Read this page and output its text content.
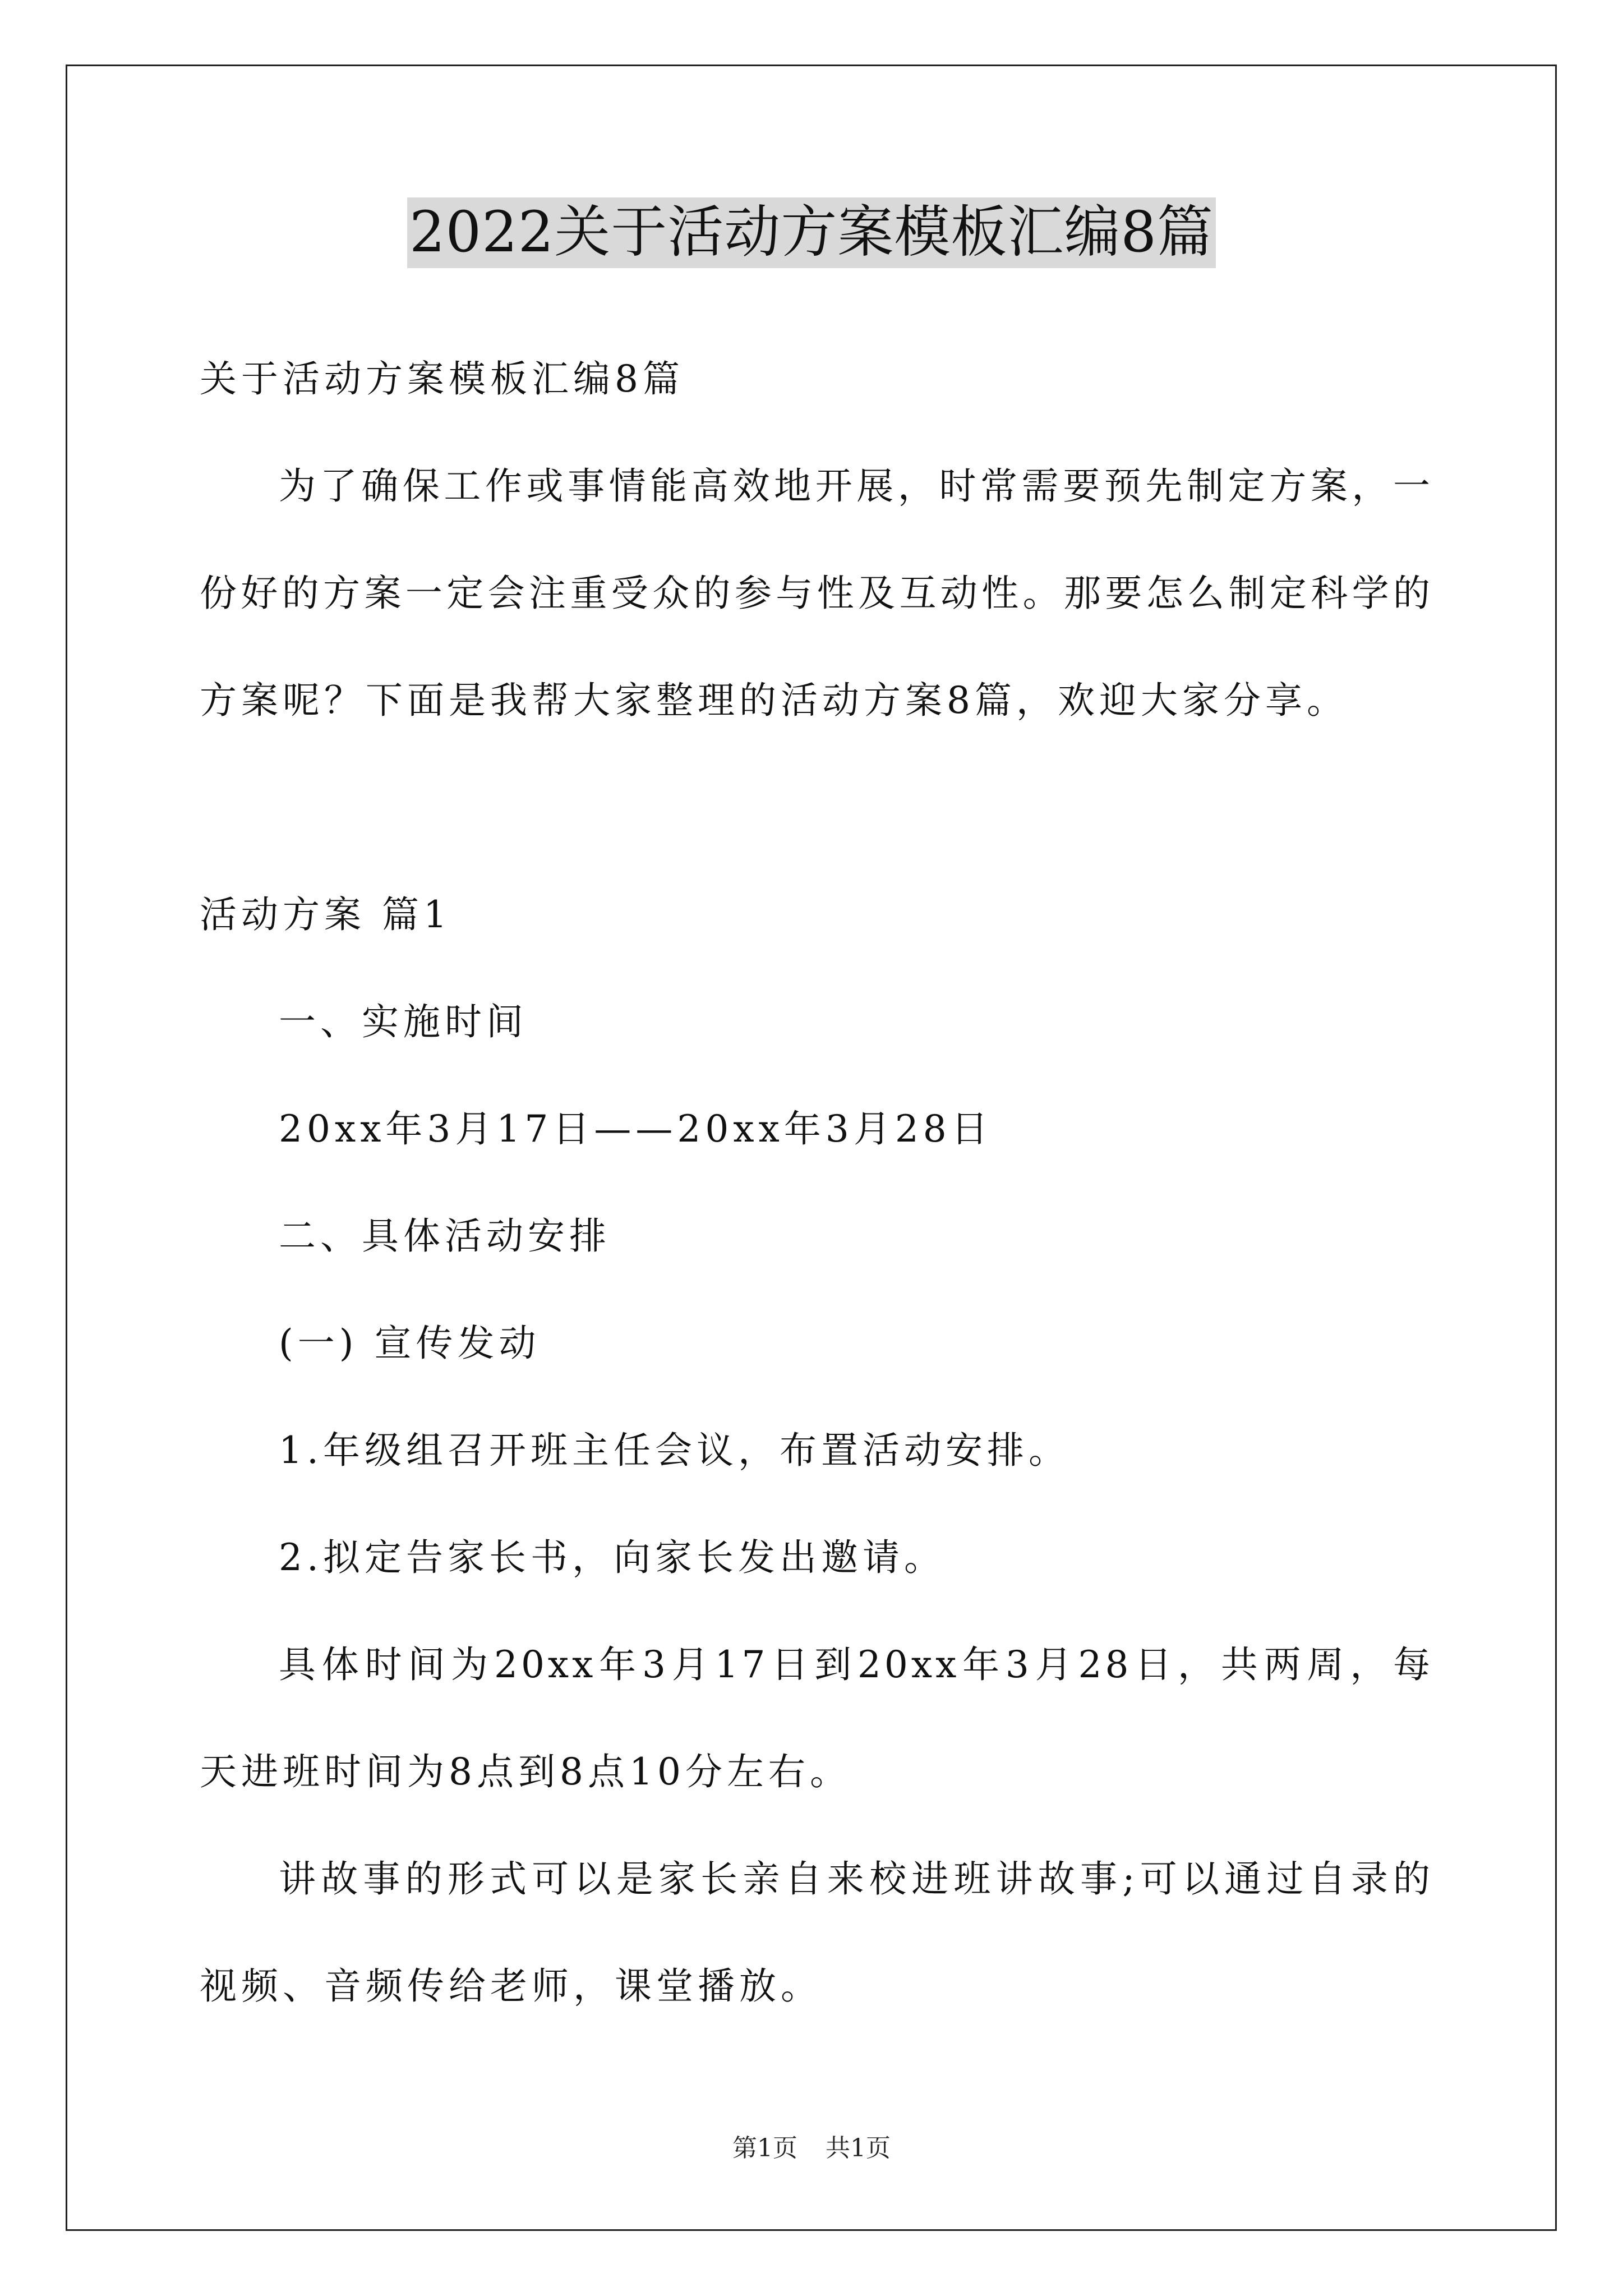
2022关于活动方案模板汇编8篇
关于活动方案模板汇编8篇
为了确保工作或事情能高效地开展，时常需要预先制定方案，一
份好的方案一定会注重受众的参与性及互动性。那要怎么制定科学的
方案呢？下面是我帮大家整理的活动方案8篇，欢迎大家分享。
活动方案 篇1
一、实施时间
20xx年3月17日——20xx年3月28日
二、具体活动安排
(一) 宣传发动
1.年级组召开班主任会议，布置活动安排。
2.拟定告家长书，向家长发出邀请。
具体时间为20xx年3月17日到20xx年3月28日，共两周，每
天进班时间为8点到8点10分左右。
讲故事的形式可以是家长亲自来校进班讲故事;可以通过自录的
视频、音频传给老师，课堂播放。
第1页 共1页
